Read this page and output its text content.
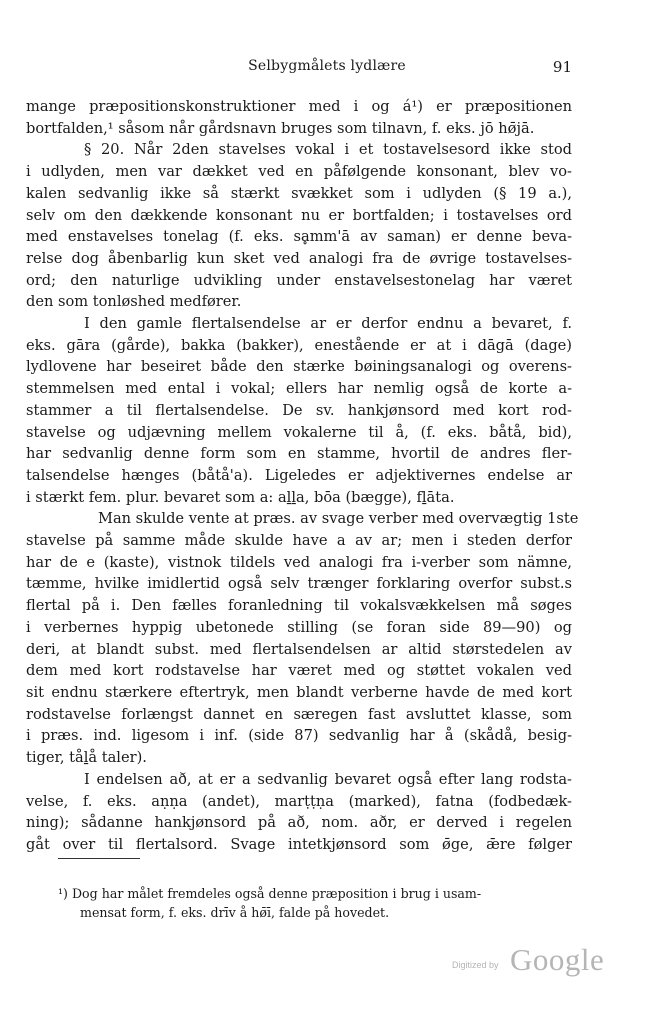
Selbygmålets lydlære	91
mange præpositionskonstruktioner med i og á¹) er præpositionen
bortfalden,¹ såsom når gårdsnavn bruges som tilnavn, f. eks. jō hø̄jā.
§ 20. Når 2den stavelses vokal i et tostavelsesord ikke stod
i udlyden, men var dækket ved en påfølgende konsonant, blev vo-
kalen sedvanlig ikke så stærkt svækket som i udlyden (§ 19 a.),
selv om den dækkende konsonant nu er bortfalden; i tostavelses ord
med enstavelses tonelag (f. eks. sḁmm'ā av saman) er denne beva-
relse dog åbenbarlig kun sket ved analogi fra de øvrige tostavelses-
ord; den naturlige udvikling under enstavelsestonelag har været
den som tonløshed medfører.
I den gamle flertalsendelse ar er derfor endnu a bevaret, f.
eks. gāra (gårde), bakka (bakker), enestående er at i dāgā (dage)
lydlovene har beseiret både den stærke bøiningsanalogi og overens-
stemmelsen med ental i vokal; ellers har nemlig også de korte a-
stammer a til flertalsendelse. De sv. hankjønsord med kort rod-
stavelse og udjævning mellem vokalerne til å, (f. eks. båtå, bid),
har sedvanlig denne form som en stamme, hvortil de andres fler-
talsendelse hænges (båtå'a). Ligeledes er adjektivernes endelse ar
i stærkt fem. plur. bevaret som a: aḻḻa, bōa (bægge), fḻāta.
Man skulde vente at præs. av svage verber med overvægtig 1ste
stavelse på samme måde skulde have a av ar; men i steden derfor
har de e (kaste), vistnok tildels ved analogi fra i-verber som nämne,
tæmme, hvilke imidlertid også selv trænger forklaring overfor subst.s
flertal på i. Den fælles foranledning til vokalsvækkelsen må søges
i verbernes hyppig ubetonede stilling (se foran side 89—90) og
deri, at blandt subst. med flertalsendelsen ar altid størstedelen av
dem med kort rodstavelse har været med og støttet vokalen ved
sit endnu stærkere eftertryk, men blandt verberne havde de med kort
rodstavelse forlængst dannet en særegen fast avsluttet klasse, som
i præs. ind. ligesom i inf. (side 87) sedvanlig har å (skådå, besig-
tiger, tåḻå taler).
I endelsen að, at er a sedvanlig bevaret også efter lang rodsta-
velse, f. eks. aṇṇa (andet), marṭṭṇa (marked), fatna (fodbedæk-
ning); sådanne hankjønsord på að, nom. aðr, er derved i regelen
gåt over til flertalsord. Svage intetkjønsord som ø̄ge, ǣre følger
¹) Dog har målet fremdeles også denne præposition i brug i usam-
mensat form, f. eks. drīv å hø̄ī, falde på hovedet.
Digitized by Google
